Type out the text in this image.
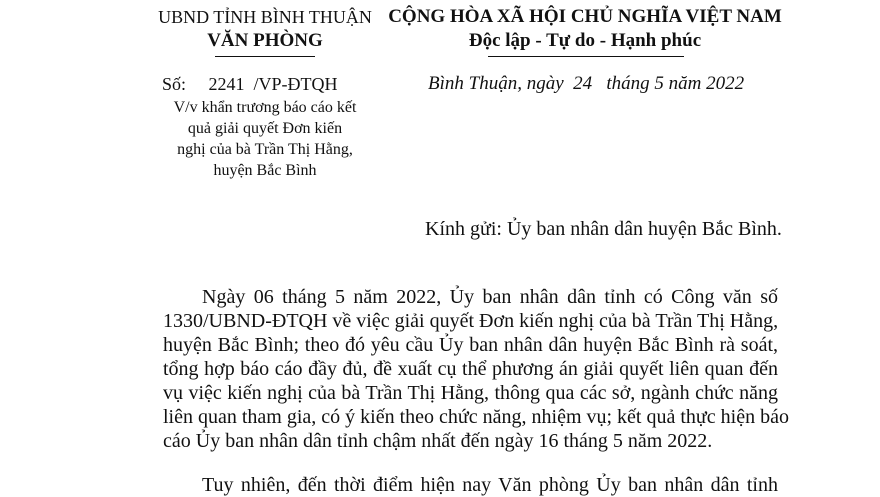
UBND TỈNH BÌNH THUẬN
VĂN PHÒNG
CỘNG HÒA XÃ HỘI CHỦ NGHĨA VIỆT NAM
Độc lập - Tự do - Hạnh phúc
Số:     2241  /VP-ĐTQH
V/v khẩn trương báo cáo kết
quả giải quyết Đơn kiến
nghị của bà Trần Thị Hằng,
huyện Bắc Bình
Bình Thuận, ngày  24   tháng 5 năm 2022
Kính gửi: Ủy ban nhân dân huyện Bắc Bình.
Ngày 06 tháng 5 năm 2022, Ủy ban nhân dân tỉnh có Công văn số
1330/UBND-ĐTQH về việc giải quyết Đơn kiến nghị của bà Trần Thị Hằng,
huyện Bắc Bình; theo đó yêu cầu Ủy ban nhân dân huyện Bắc Bình rà soát,
tổng hợp báo cáo đầy đủ, đề xuất cụ thể phương án giải quyết liên quan đến
vụ việc kiến nghị của bà Trần Thị Hằng, thông qua các sở, ngành chức năng
liên quan tham gia, có ý kiến theo chức năng, nhiệm vụ; kết quả thực hiện báo
cáo Ủy ban nhân dân tỉnh chậm nhất đến ngày 16 tháng 5 năm 2022.
Tuy nhiên, đến thời điểm hiện nay Văn phòng Ủy ban nhân dân tỉnh
